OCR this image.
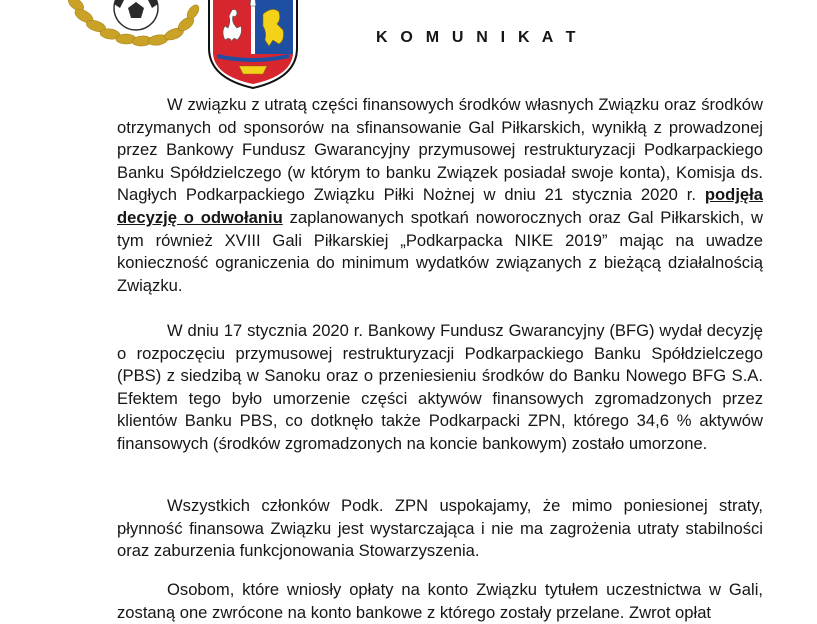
K O M U N I K A T

W związku z utratą części finansowych środków własnych Związku oraz środków otrzymanych od sponsorów na sfinansowanie Gal Piłkarskich, wynikłą z prowadzonej przez Bankowy Fundusz Gwarancyjny przymusowej restrukturyzacji Podkarpackiego Banku Spółdzielczego (w którym to banku Związek posiadał swoje konta), Komisja ds. Nagłych Podkarpackiego Związku Piłki Nożnej w dniu 21 stycznia 2020 r. podjęła decyzję o odwołaniu zaplanowanych spotkań noworocznych oraz Gal Piłkarskich, w tym również XVIII Gali Piłkarskiej „Podkarpacka NIKE 2019” mając na uwadze konieczność ograniczenia do minimum wydatków związanych z bieżącą działalnością Związku.

W dniu 17 stycznia 2020 r. Bankowy Fundusz Gwarancyjny (BFG) wydał decyzję o rozpoczęciu przymusowej restrukturyzacji Podkarpackiego Banku Spółdzielczego (PBS) z siedzibą w Sanoku oraz o przeniesieniu środków do Banku Nowego BFG S.A. Efektem tego było umorzenie części aktywów finansowych zgromadzonych przez klientów Banku PBS, co dotknęło także Podkarpacki ZPN, którego 34,6 % aktywów finansowych (środków zgromadzonych na koncie bankowym) zostało umorzone.

Wszystkich członków Podk. ZPN uspokajamy, że mimo poniesionej straty, płynność finansowa Związku jest wystarczająca i nie ma zagrożenia utraty stabilności oraz zaburzenia funkcjonowania Stowarzyszenia.

Osobom, które wniosły opłaty na konto Związku tytułem uczestnictwa w Gali, zostaną one zwrócone na konto bankowe z którego zostały przelane. Zwrot opłat
